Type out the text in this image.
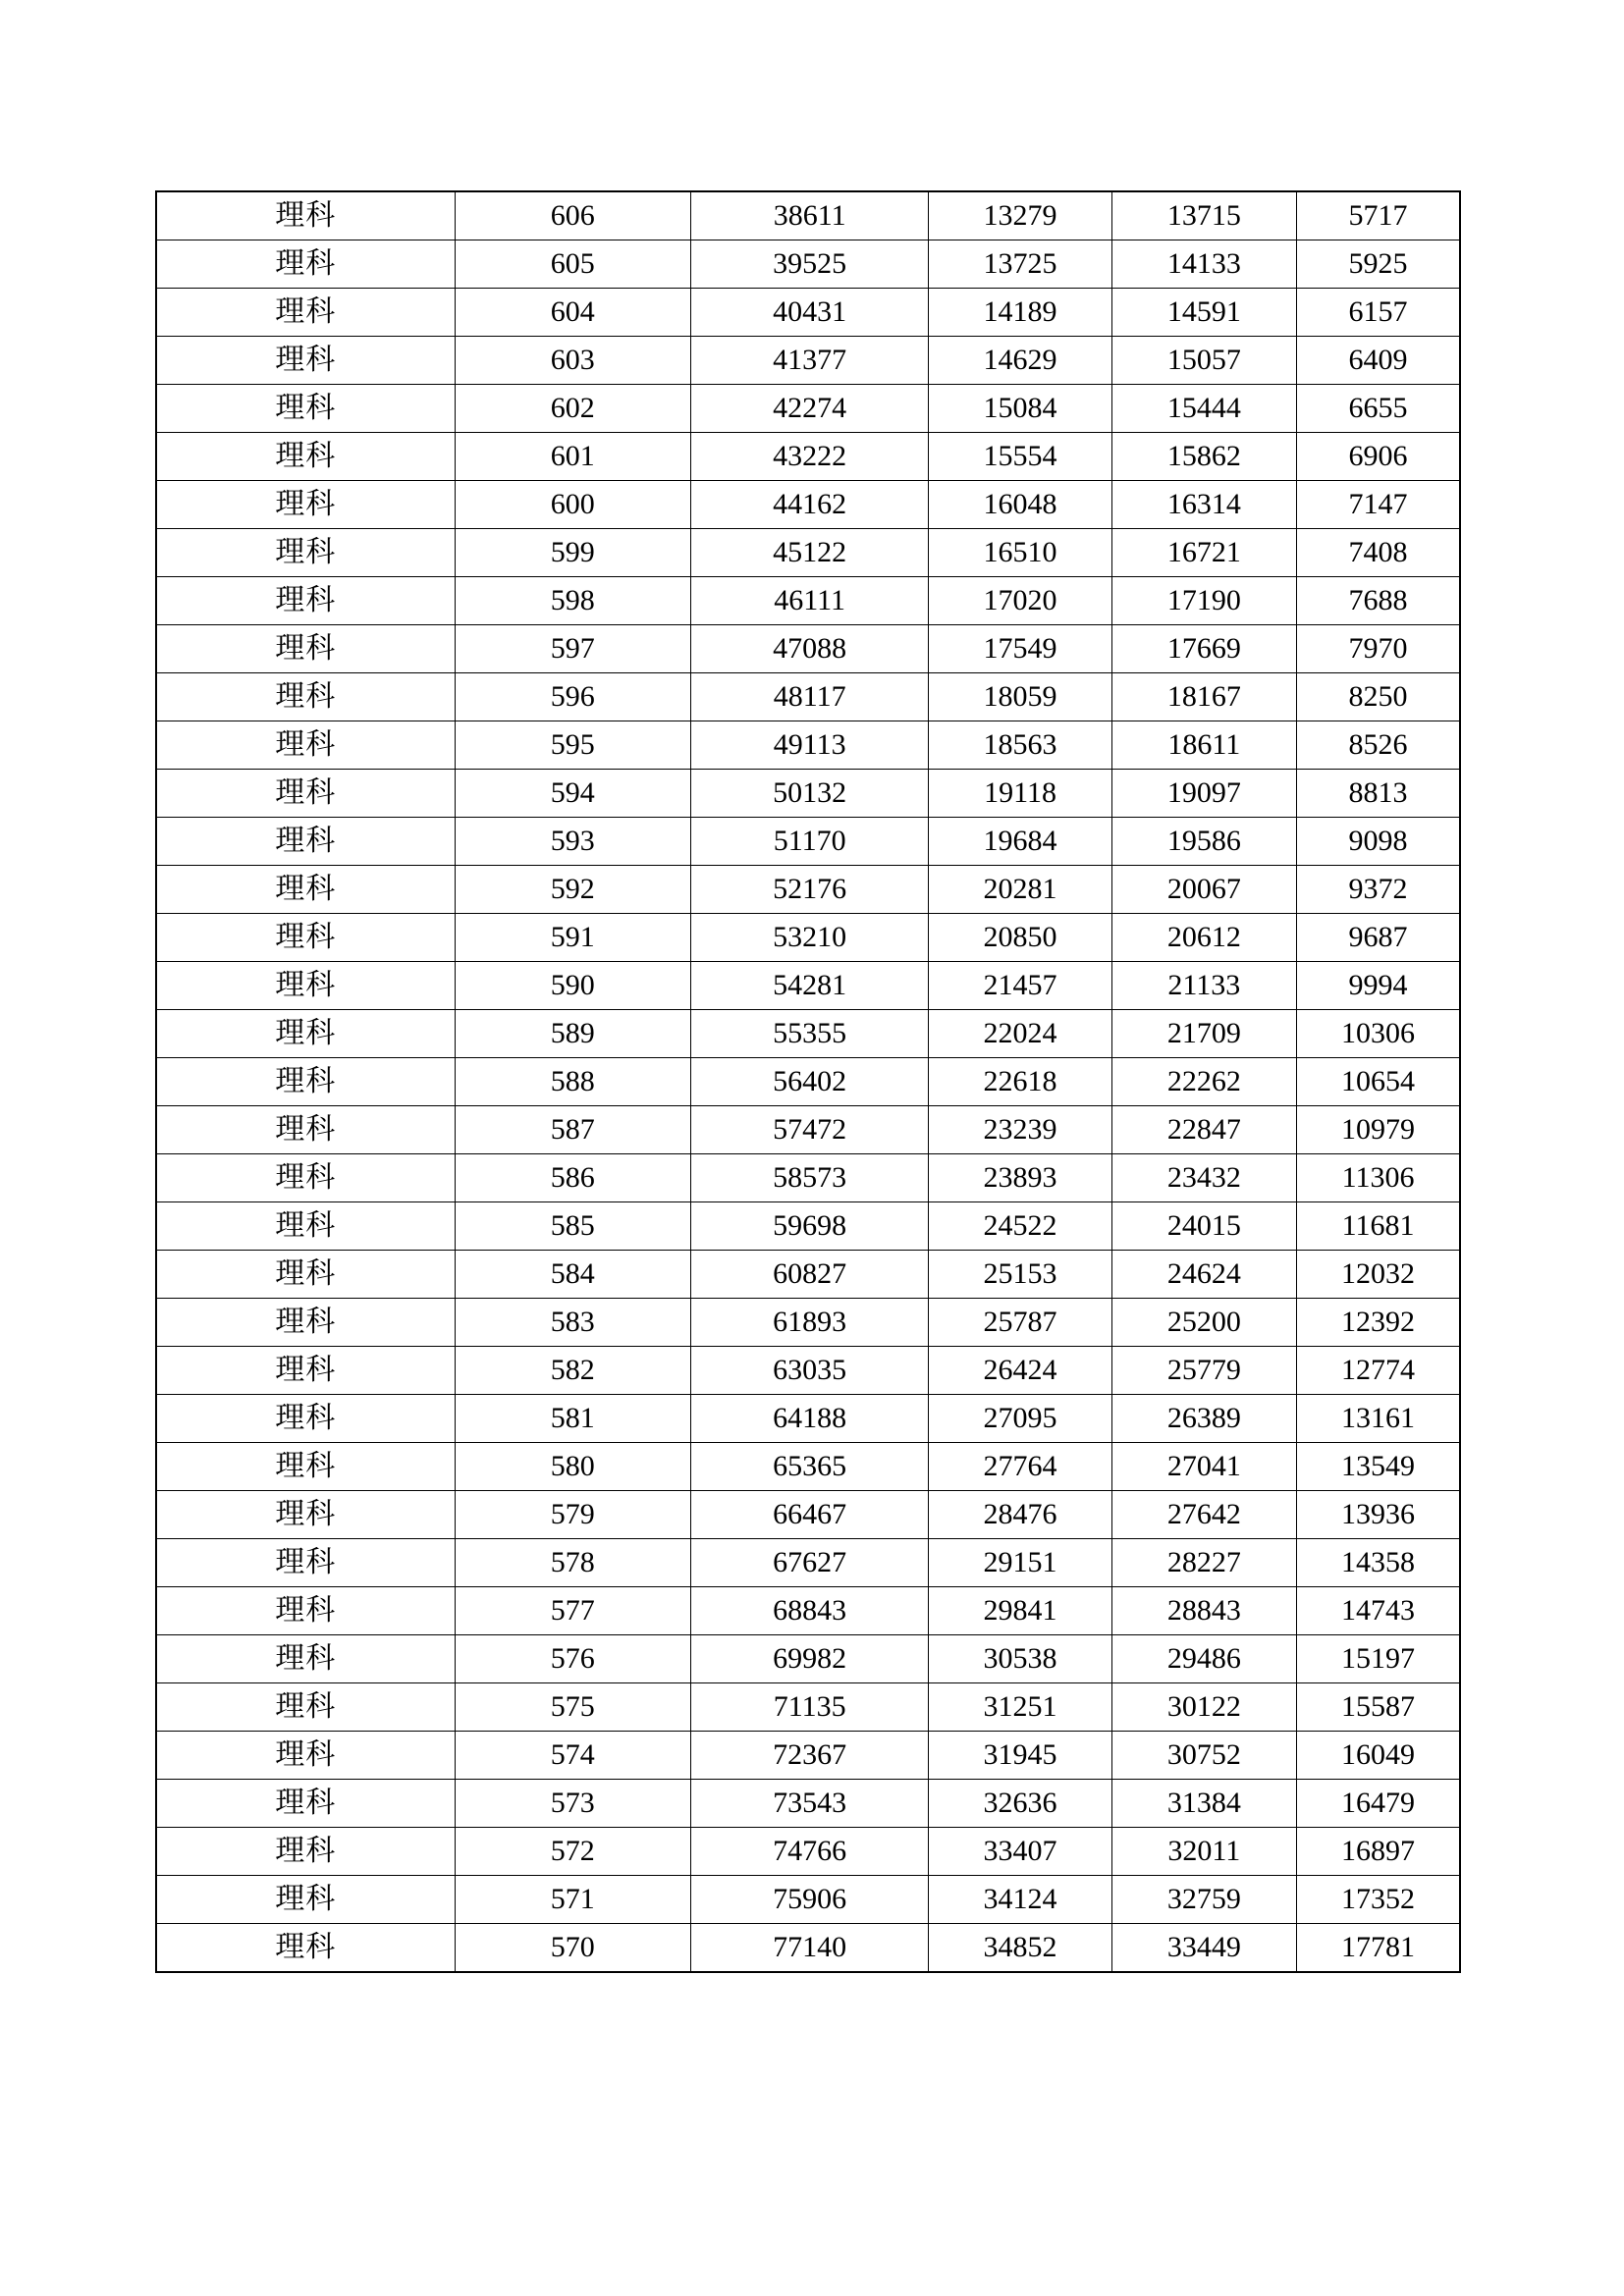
理科	606	38611	13279	13715	5717
理科	605	39525	13725	14133	5925
理科	604	40431	14189	14591	6157
理科	603	41377	14629	15057	6409
理科	602	42274	15084	15444	6655
理科	601	43222	15554	15862	6906
理科	600	44162	16048	16314	7147
理科	599	45122	16510	16721	7408
理科	598	46111	17020	17190	7688
理科	597	47088	17549	17669	7970
理科	596	48117	18059	18167	8250
理科	595	49113	18563	18611	8526
理科	594	50132	19118	19097	8813
理科	593	51170	19684	19586	9098
理科	592	52176	20281	20067	9372
理科	591	53210	20850	20612	9687
理科	590	54281	21457	21133	9994
理科	589	55355	22024	21709	10306
理科	588	56402	22618	22262	10654
理科	587	57472	23239	22847	10979
理科	586	58573	23893	23432	11306
理科	585	59698	24522	24015	11681
理科	584	60827	25153	24624	12032
理科	583	61893	25787	25200	12392
理科	582	63035	26424	25779	12774
理科	581	64188	27095	26389	13161
理科	580	65365	27764	27041	13549
理科	579	66467	28476	27642	13936
理科	578	67627	29151	28227	14358
理科	577	68843	29841	28843	14743
理科	576	69982	30538	29486	15197
理科	575	71135	31251	30122	15587
理科	574	72367	31945	30752	16049
理科	573	73543	32636	31384	16479
理科	572	74766	33407	32011	16897
理科	571	75906	34124	32759	17352
理科	570	77140	34852	33449	17781
